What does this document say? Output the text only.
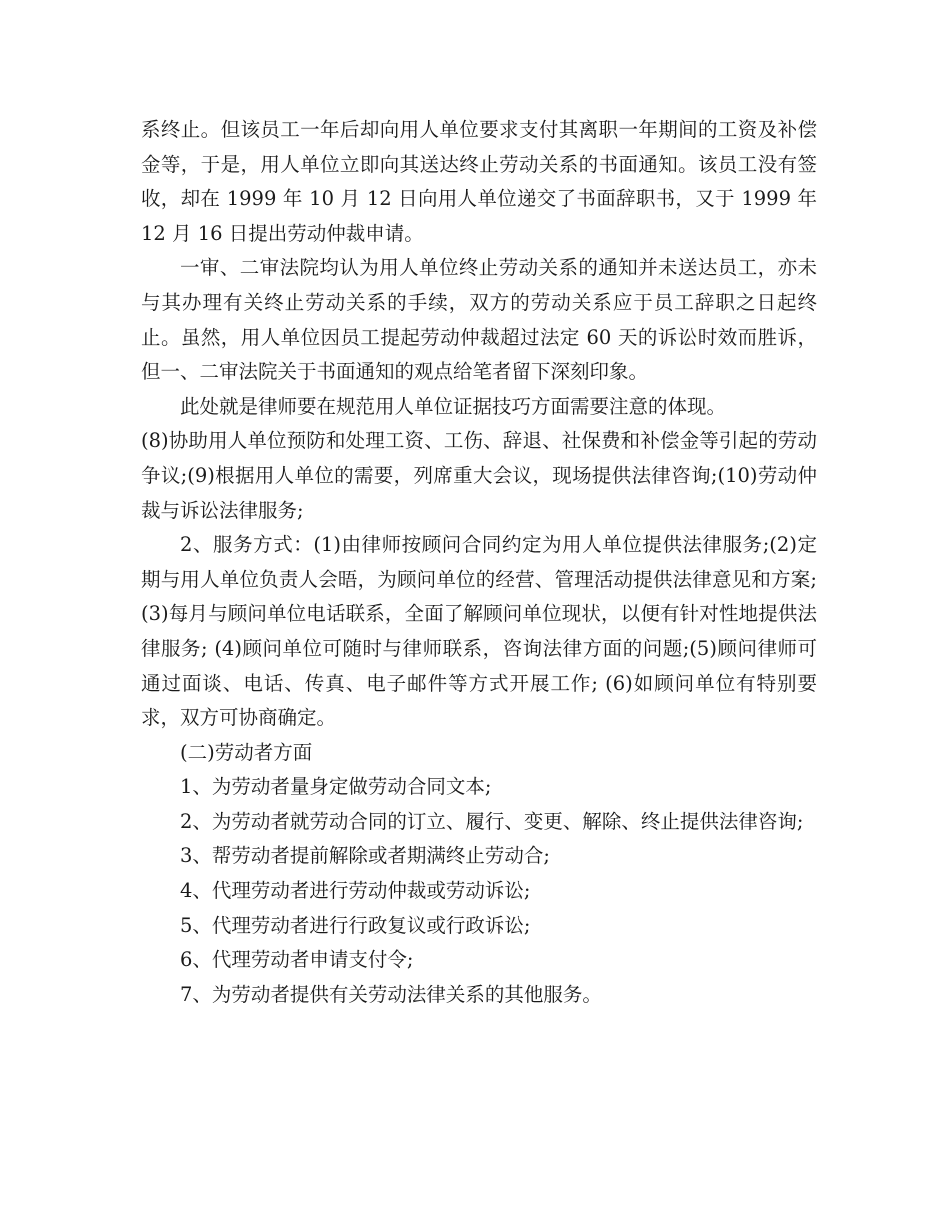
系终止。但该员工一年后却向用人单位要求支付其离职一年期间的工资及补偿金等，于是，用人单位立即向其送达终止劳动关系的书面通知。该员工没有签收，却在 1999 年 10 月 12 日向用人单位递交了书面辞职书，又于 1999 年 12 月 16 日提出劳动仲裁申请。

一审、二审法院均认为用人单位终止劳动关系的通知并未送达员工，亦未与其办理有关终止劳动关系的手续，双方的劳动关系应于员工辞职之日起终止。虽然，用人单位因员工提起劳动仲裁超过法定 60 天的诉讼时效而胜诉，但一、二审法院关于书面通知的观点给笔者留下深刻印象。

此处就是律师要在规范用人单位证据技巧方面需要注意的体现。

(8)协助用人单位预防和处理工资、工伤、辞退、社保费和补偿金等引起的劳动争议;(9)根据用人单位的需要，列席重大会议，现场提供法律咨询;(10)劳动仲裁与诉讼法律服务;

2、服务方式：(1)由律师按顾问合同约定为用人单位提供法律服务;(2)定期与用人单位负责人会晤，为顾问单位的经营、管理活动提供法律意见和方案;(3)每月与顾问单位电话联系，全面了解顾问单位现状，以便有针对性地提供法律服务; (4)顾问单位可随时与律师联系，咨询法律方面的问题;(5)顾问律师可通过面谈、电话、传真、电子邮件等方式开展工作; (6)如顾问单位有特别要求，双方可协商确定。

(二)劳动者方面

1、为劳动者量身定做劳动合同文本;

2、为劳动者就劳动合同的订立、履行、变更、解除、终止提供法律咨询;

3、帮劳动者提前解除或者期满终止劳动合;

4、代理劳动者进行劳动仲裁或劳动诉讼;

5、代理劳动者进行行政复议或行政诉讼;

6、代理劳动者申请支付令;

7、为劳动者提供有关劳动法律关系的其他服务。
